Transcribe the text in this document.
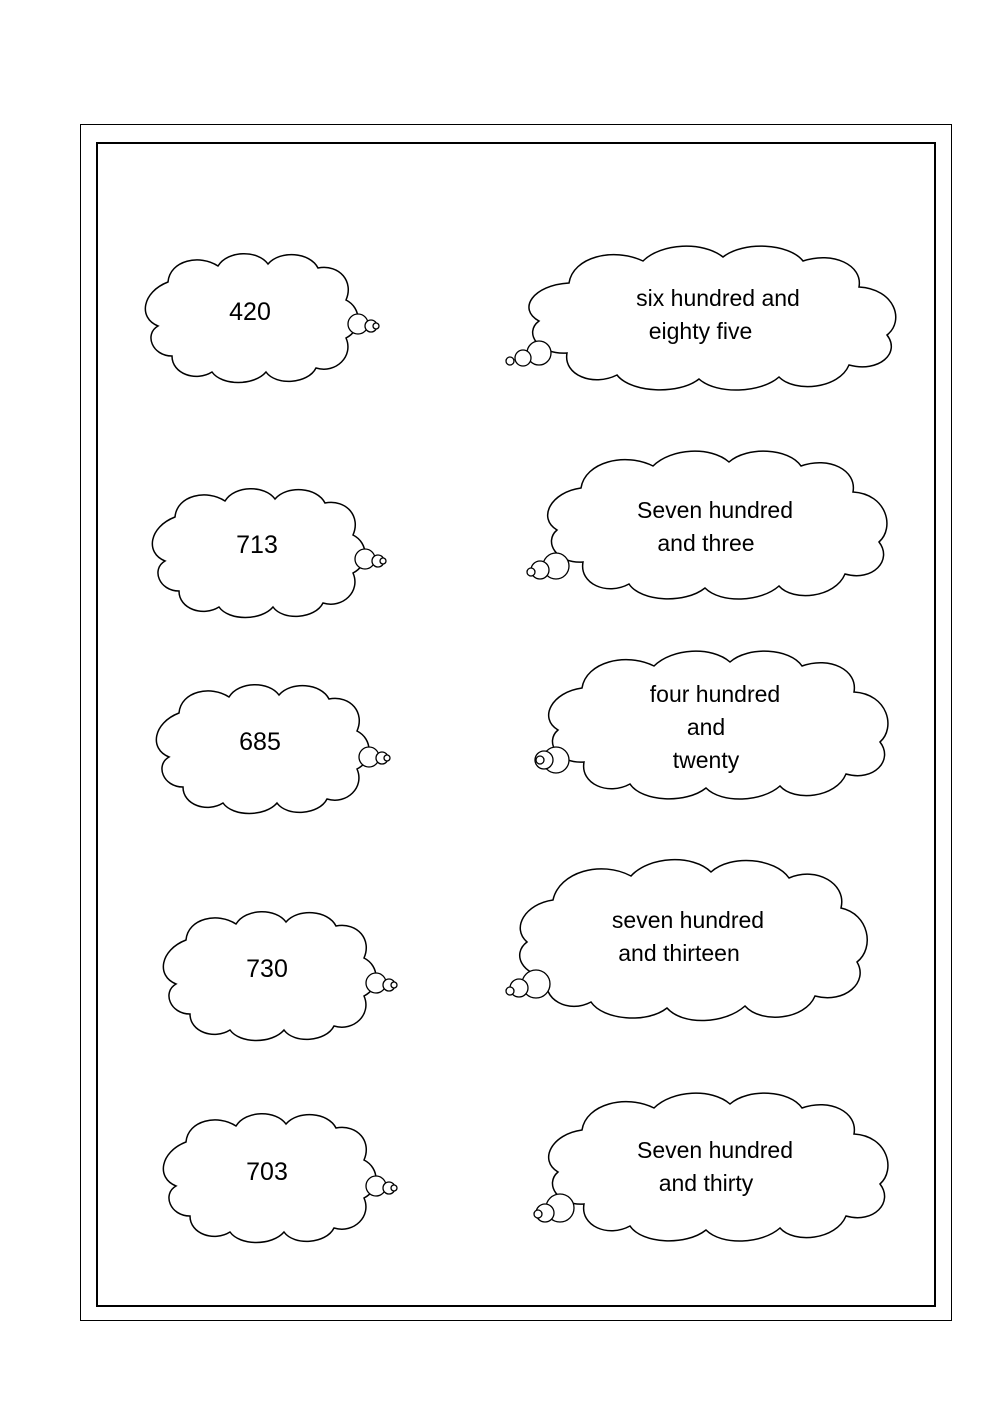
420
713
685
730
703
six hundred and
eighty five
Seven hundred
and three
four hundred
and
twenty
seven hundred
and thirteen
Seven hundred
and thirty
